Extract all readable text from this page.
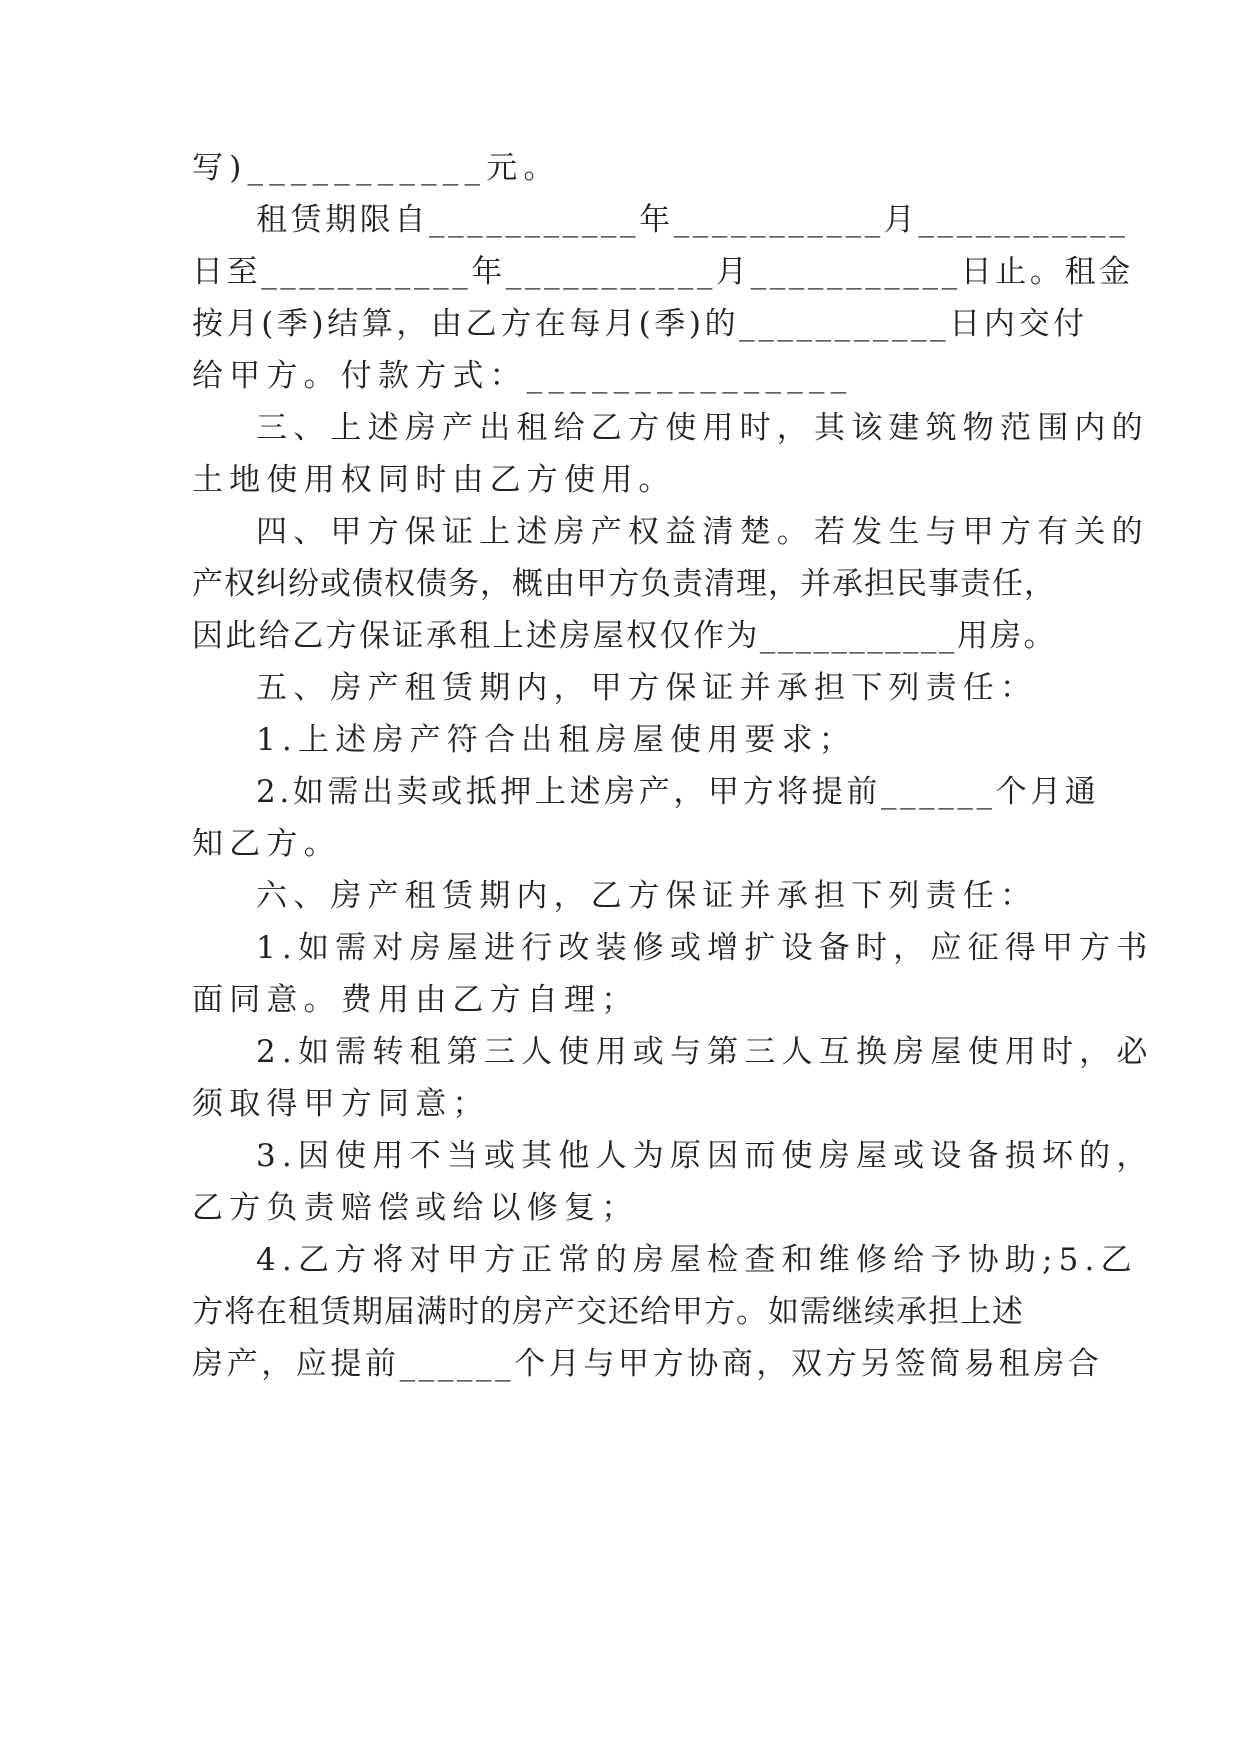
写)___________元。
租赁期限自___________年___________月___________
日至___________年___________月___________日止。租金
按月(季)结算，由乙方在每月(季)的___________日内交付
给甲方。付款方式：_______________
三、上述房产出租给乙方使用时，其该建筑物范围内的
土地使用权同时由乙方使用。
四、甲方保证上述房产权益清楚。若发生与甲方有关的
产权纠纷或债权债务，概由甲方负责清理，并承担民事责任，
因此给乙方保证承租上述房屋权仅作为___________用房。
五、房产租赁期内，甲方保证并承担下列责任：
1.上述房产符合出租房屋使用要求；
2.如需出卖或抵押上述房产，甲方将提前______个月通
知乙方。
六、房产租赁期内，乙方保证并承担下列责任：
1.如需对房屋进行改装修或增扩设备时，应征得甲方书
面同意。费用由乙方自理；
2.如需转租第三人使用或与第三人互换房屋使用时，必
须取得甲方同意；
3.因使用不当或其他人为原因而使房屋或设备损坏的，
乙方负责赔偿或给以修复；
4.乙方将对甲方正常的房屋检查和维修给予协助;5.乙
方将在租赁期届满时的房产交还给甲方。如需继续承担上述
房产，应提前______个月与甲方协商，双方另签简易租房合
